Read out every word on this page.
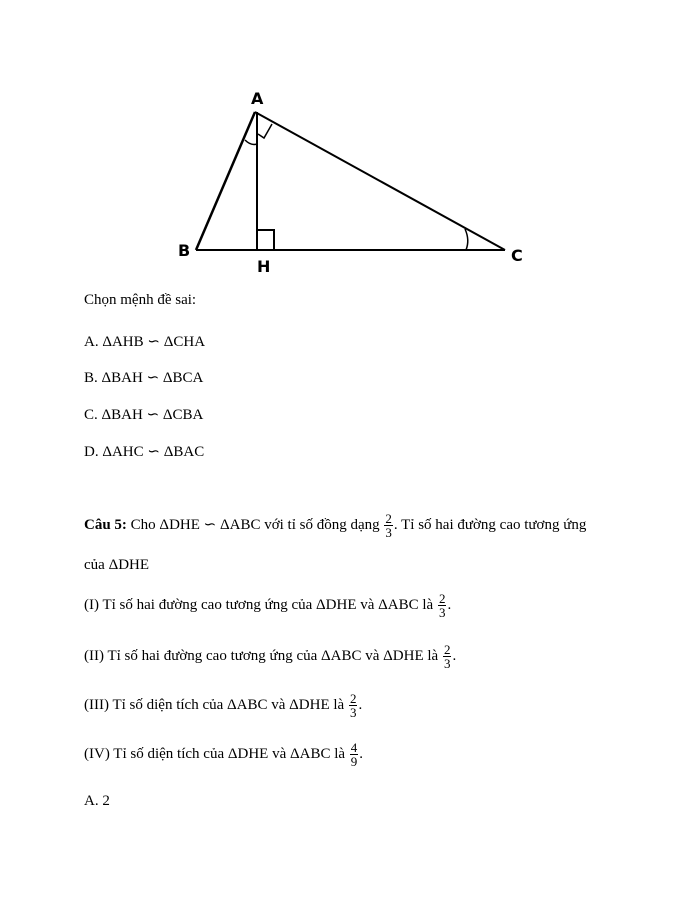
A
B
H
C
Chọn mệnh đề sai:
A. ΔAHB ∽ ΔCHA
B. ΔBAH ∽ ΔBCA
C. ΔBAH ∽ ΔCBA
D. ΔAHC ∽ ΔBAC
Câu 5: Cho ΔDHE ∽ ΔABC với tỉ số đồng dạng $\frac{2}{3}$ . Tỉ số hai đường cao tương ứng
của ΔDHE
(I) Tỉ số hai đường cao tương ứng của ΔDHE và ΔABC là $\frac{2}{3}$ .
(II) Tỉ số hai đường cao tương ứng của ΔABC và ΔDHE là $\frac{2}{3}$ .
(III) Tỉ số diện tích của ΔABC và ΔDHE là $\frac{2}{3}$ .
(IV) Tỉ số diện tích của ΔDHE và ΔABC là $\frac{4}{9}$ .
A. 2
